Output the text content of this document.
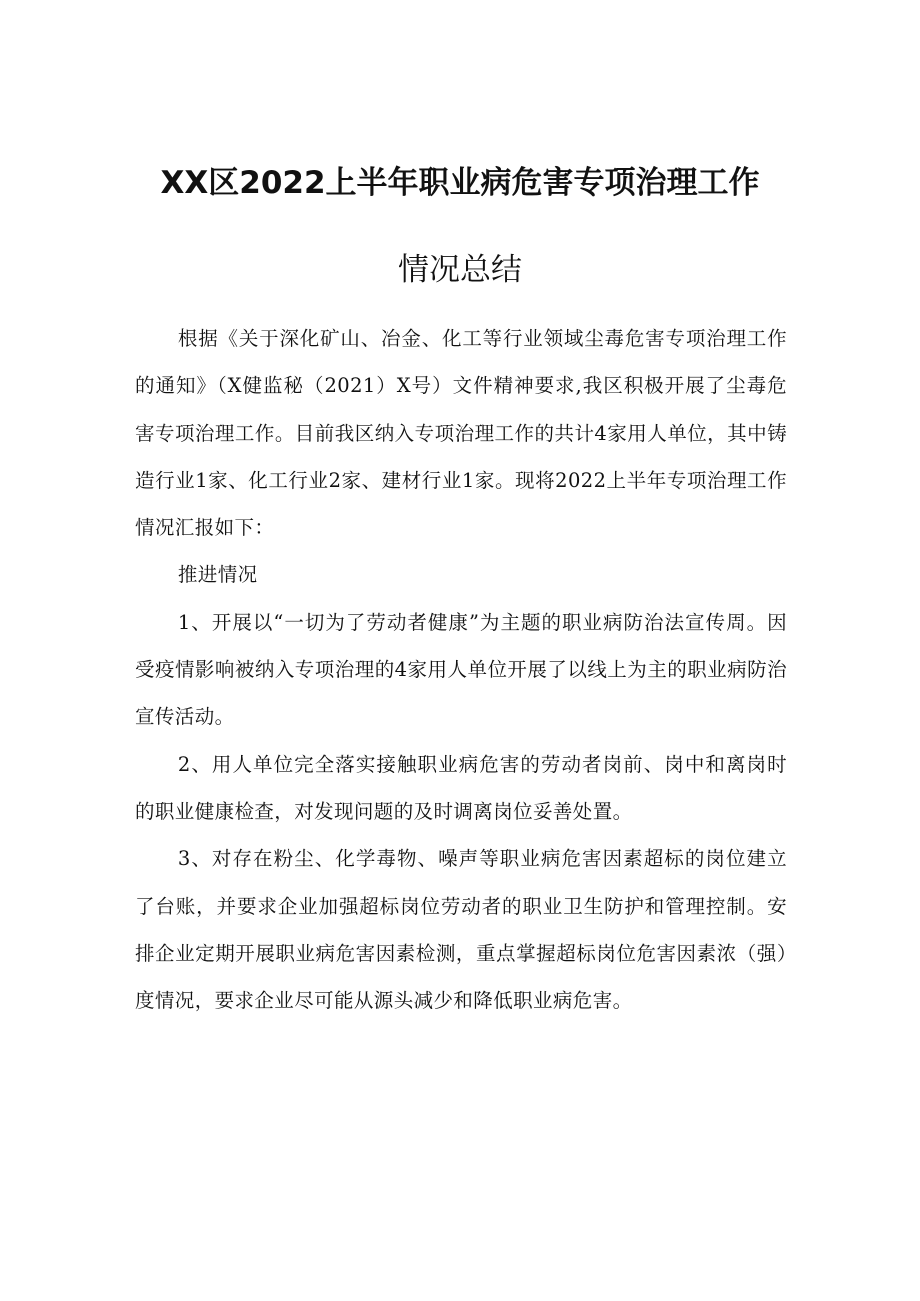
XX区2022上半年职业病危害专项治理工作
情况总结

根据《关于深化矿山、冶金、化工等行业领域尘毒危害专项治理工作的通知》（X健监秘（2021）X号）文件精神要求,我区积极开展了尘毒危害专项治理工作。目前我区纳入专项治理工作的共计4家用人单位，其中铸造行业1家、化工行业2家、建材行业1家。现将2022上半年专项治理工作情况汇报如下：

推进情况

1、开展以“一切为了劳动者健康”为主题的职业病防治法宣传周。因受疫情影响被纳入专项治理的4家用人单位开展了以线上为主的职业病防治宣传活动。

2、用人单位完全落实接触职业病危害的劳动者岗前、岗中和离岗时的职业健康检查，对发现问题的及时调离岗位妥善处置。

3、对存在粉尘、化学毒物、噪声等职业病危害因素超标的岗位建立了台账，并要求企业加强超标岗位劳动者的职业卫生防护和管理控制。安排企业定期开展职业病危害因素检测，重点掌握超标岗位危害因素浓（强）度情况，要求企业尽可能从源头减少和降低职业病危害。
